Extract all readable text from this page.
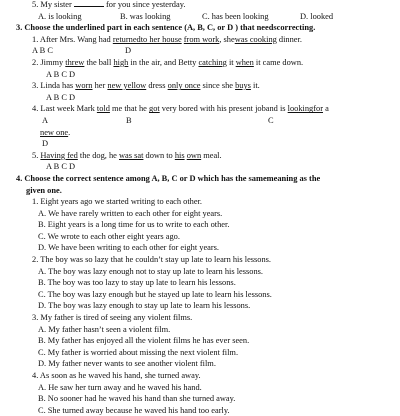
5. My sister	for you since yesterday.
A. is looking	B. was looking	C. has been looking	D. looked
3. Choose the underlined part in each sentence (A, B, C, or D ) that needscorrecting.
1. After Mrs. Wang had returnedto her house from work, shewas cooking dinner.
A B C	D
2. Jimmy threw the ball high in the air, and Betty catching it when it came down.
A B C D
3. Linda has worn her new yellow dress only once since she buys it.
A B C D
4. Last week Mark told me that he got very bored with his present joband is lookingfor a
A	B	C
new one.
D
5. Having fed the dog, he was sat down to his own meal.
A B C D
4. Choose the correct sentence among A, B, C or D which has the samemeaning as the
given one.
1. Eight years ago we started writing to each other.
A. We have rarely written to each other for eight years.
B. Eight years is a long time for us to write to each other.
C. We wrote to each other eight years ago.
D. We have been writing to each other for eight years.
2. The boy was so lazy that he couldn’t stay up late to learn his lessons.
A. The boy was lazy enough not to stay up late to learn his lessons.
B. The boy was too lazy to stay up late to learn his lessons.
C. The boy was lazy enough but he stayed up late to learn his lessons.
D. The boy was lazy enough to stay up late to learn his lessons.
3. My father is tired of seeing any violent films.
A. My father hasn’t seen a violent film.
B. My father has enjoyed all the violent films he has ever seen.
C. My father is worried about missing the next violent film.
D. My father never wants to see another violent film.
4. As soon as he waved his hand, she turned away.
A. He saw her turn away and he waved his hand.
B. No sooner had he waved his hand than she turned away.
C. She turned away because he waved his hand too early.
